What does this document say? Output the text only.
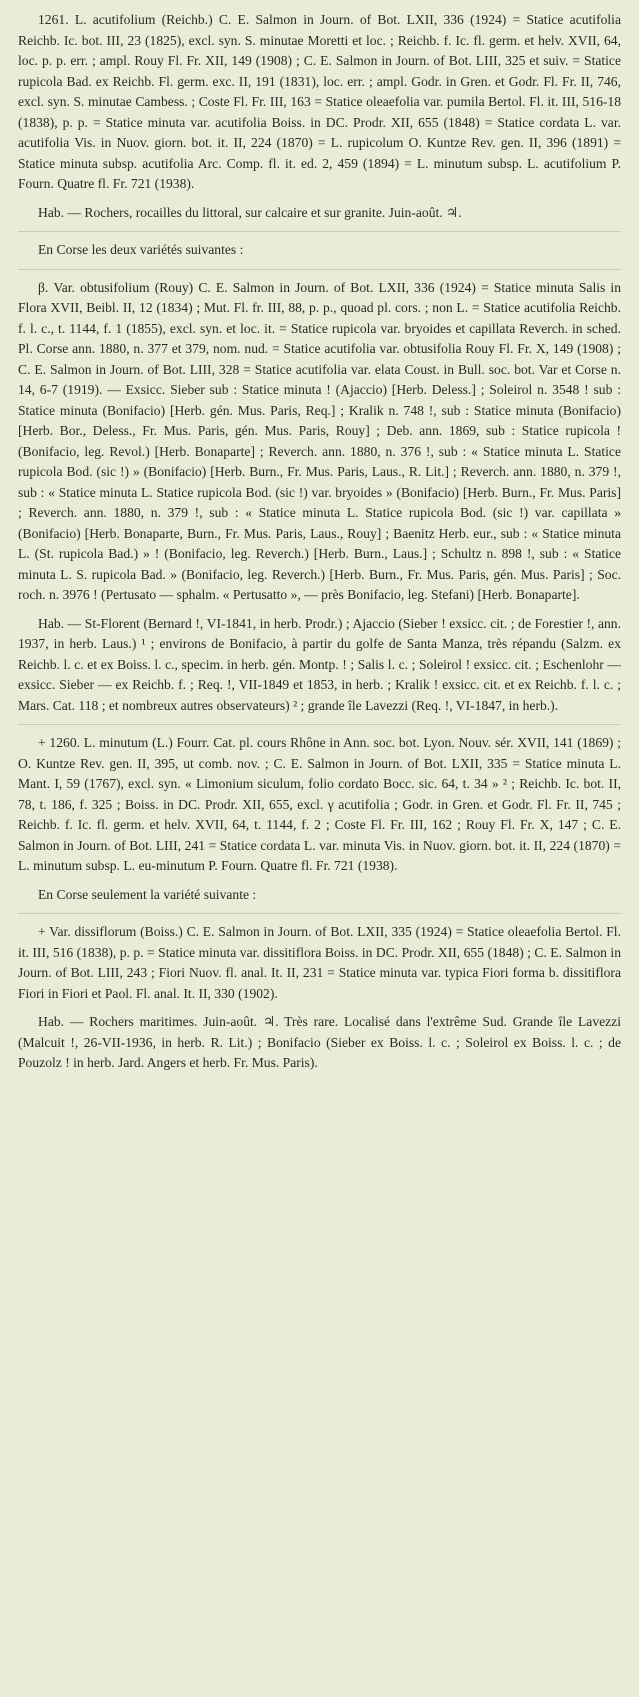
1261. L. acutifolium (Reichb.) C. E. Salmon in Journ. of Bot. LXII, 336 (1924) = Statice acutifolia Reichb. Ic. bot. III, 23 (1825), excl. syn. S. minutae Moretti et loc. ; Reichb. f. Ic. fl. germ. et helv. XVII, 64, loc. p. p. err. ; ampl. Rouy Fl. Fr. XII, 149 (1908) ; C. E. Salmon in Journ. of Bot. LIII, 325 et suiv. = Statice rupicola Bad. ex Reichb. Fl. germ. exc. II, 191 (1831), loc. err. ; ampl. Godr. in Gren. et Godr. Fl. Fr. II, 746, excl. syn. S. minutae Cambess. ; Coste Fl. Fr. III, 163 = Statice oleaefolia var. pumila Bertol. Fl. it. III, 516-18 (1838), p. p. = Statice minuta var. acutifolia Boiss. in DC. Prodr. XII, 655 (1848) = Statice cordata L. var. acutifolia Vis. in Nuov. giorn. bot. it. II, 224 (1870) = L. rupicolum O. Kuntze Rev. gen. II, 396 (1891) = Statice minuta subsp. acutifolia Arc. Comp. fl. it. ed. 2, 459 (1894) = L. minutum subsp. L. acutifolium P. Fourn. Quatre fl. Fr. 721 (1938).

Hab. — Rochers, rocailles du littoral, sur calcaire et sur granite. Juin-août. ♃.

En Corse les deux variétés suivantes :

β. Var. obtusifolium (Rouy) C. E. Salmon in Journ. of Bot. LXII, 336 (1924) = Statice minuta Salis in Flora XVII, Beibl. II, 12 (1834) ; Mut. Fl. fr. III, 88, p. p., quoad pl. cors. ; non L. = Statice acutifolia Reichb. f. l. c., t. 1144, f. 1 (1855), excl. syn. et loc. it. = Statice rupicola var. bryoides et capillata Reverch. in sched. Pl. Corse ann. 1880, n. 377 et 379, nom. nud. = Statice acutifolia var. obtusifolia Rouy Fl. Fr. X, 149 (1908) ; C. E. Salmon in Journ. of Bot. LIII, 328 = Statice acutifolia var. elata Coust. in Bull. soc. bot. Var et Corse n. 14, 6-7 (1919). — Exsicc. Sieber sub : Statice minuta ! (Ajaccio) [Herb. Deless.] ; Soleirol n. 3548 ! sub : Statice minuta (Bonifacio) [Herb. gén. Mus. Paris, Req.] ; Kralik n. 748 !, sub : Statice minuta (Bonifacio) [Herb. Bor., Deless., Fr. Mus. Paris, gén. Mus. Paris, Rouy] ; Deb. ann. 1869, sub : Statice rupicola ! (Bonifacio, leg. Revol.) [Herb. Bonaparte] ; Reverch. ann. 1880, n. 376 !, sub : « Statice minuta L. Statice rupicola Bod. (sic !) » (Bonifacio) [Herb. Burn., Fr. Mus. Paris, Laus., R. Lit.] ; Reverch. ann. 1880, n. 379 !, sub : « Statice minuta L. Statice rupicola Bod. (sic !) var. bryoides » (Bonifacio) [Herb. Burn., Fr. Mus. Paris] ; Reverch. ann. 1880, n. 379 !, sub : « Statice minuta L. Statice rupicola Bod. (sic !) var. capillata » (Bonifacio) [Herb. Bonaparte, Burn., Fr. Mus. Paris, Laus., Rouy] ; Baenitz Herb. eur., sub : « Statice minuta L. (St. rupicola Bad.) » ! (Bonifacio, leg. Reverch.) [Herb. Burn., Laus.] ; Schultz n. 898 !, sub : « Statice minuta L. S. rupicola Bad. » (Bonifacio, leg. Reverch.) [Herb. Burn., Fr. Mus. Paris, gén. Mus. Paris] ; Soc. roch. n. 3976 ! (Pertusato — sphalm. « Pertusatto », — près Bonifacio, leg. Stefani) [Herb. Bonaparte].

Hab. — St-Florent (Bernard !, VI-1841, in herb. Prodr.) ; Ajaccio (Sieber ! exsicc. cit. ; de Forestier !, ann. 1937, in herb. Laus.) ¹ ; environs de Bonifacio, à partir du golfe de Santa Manza, très répandu (Salzm. ex Reichb. l. c. et ex Boiss. l. c., specim. in herb. gén. Montp. ! ; Salis l. c. ; Soleirol ! exsicc. cit. ; Eschenlohr — exsicc. Sieber — ex Reichb. f. ; Req. !, VII-1849 et 1853, in herb. ; Kralik ! exsicc. cit. et ex Reichb. f. l. c. ; Mars. Cat. 118 ; et nombreux autres observateurs) ² ; grande île Lavezzi (Req. !, VI-1847, in herb.).

+ 1260. L. minutum (L.) Fourr. Cat. pl. cours Rhône in Ann. soc. bot. Lyon. Nouv. sér. XVII, 141 (1869) ; O. Kuntze Rev. gen. II, 395, ut comb. nov. ; C. E. Salmon in Journ. of Bot. LXII, 335 = Statice minuta L. Mant. I, 59 (1767), excl. syn. « Limonium siculum, folio cordato Bocc. sic. 64, t. 34 » ² ; Reichb. Ic. bot. II, 78, t. 186, f. 325 ; Boiss. in DC. Prodr. XII, 655, excl. γ acutifolia ; Godr. in Gren. et Godr. Fl. Fr. II, 745 ; Reichb. f. Ic. fl. germ. et helv. XVII, 64, t. 1144, f. 2 ; Coste Fl. Fr. III, 162 ; Rouy Fl. Fr. X, 147 ; C. E. Salmon in Journ. of Bot. LIII, 241 = Statice cordata L. var. minuta Vis. in Nuov. giorn. bot. it. II, 224 (1870) = L. minutum subsp. L. eu-minutum P. Fourn. Quatre fl. Fr. 721 (1938).

En Corse seulement la variété suivante :

+ Var. dissiflorum (Boiss.) C. E. Salmon in Journ. of Bot. LXII, 335 (1924) = Statice oleaefolia Bertol. Fl. it. III, 516 (1838), p. p. = Statice minuta var. dissitiflora Boiss. in DC. Prodr. XII, 655 (1848) ; C. E. Salmon in Journ. of Bot. LIII, 243 ; Fiori Nuov. fl. anal. It. II, 231 = Statice minuta var. typica Fiori forma b. dissitiflora Fiori in Fiori et Paol. Fl. anal. It. II, 330 (1902).

Hab. — Rochers maritimes. Juin-août. ♃. Très rare. Localisé dans l'extrême Sud. Grande île Lavezzi (Malcuit !, 26-VII-1936, in herb. R. Lit.) ; Bonifacio (Sieber ex Boiss. l. c. ; Soleirol ex Boiss. l. c. ; de Pouzolz ! in herb. Jard. Angers et herb. Fr. Mus. Paris).
